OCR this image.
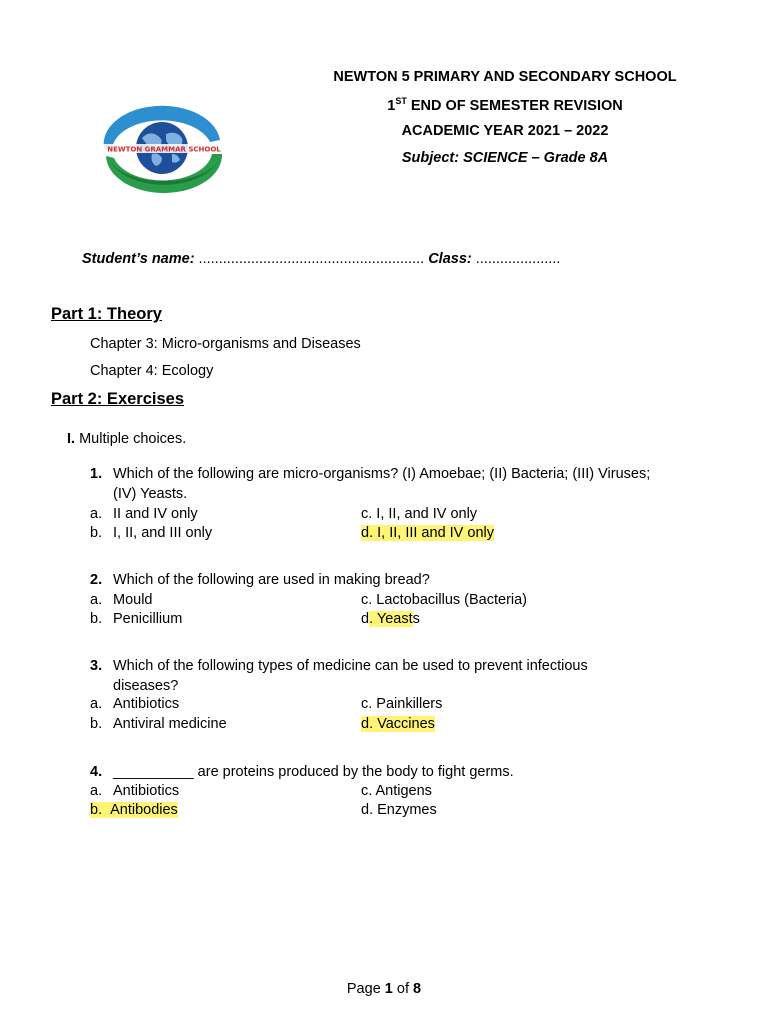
NEWTON GRAMMAR SCHOOL
NEWTON 5 PRIMARY AND SECONDARY SCHOOL
1ST END OF SEMESTER REVISION
ACADEMIC YEAR 2021 – 2022
Subject: SCIENCE – Grade 8A
Student’s name: ........................................................ Class: .....................
Part 1: Theory
Chapter 3: Micro-organisms and Diseases
Chapter 4: Ecology
Part 2: Exercises
I. Multiple choices.
1. Which of the following are micro-organisms? (I) Amoebae; (II) Bacteria; (III) Viruses;
(IV) Yeasts.
a. II and IV only	c. I, II, and IV only
b. I, II, and III only	d. I, II, III and IV only
2. Which of the following are used in making bread?
a. Mould	c. Lactobacillus (Bacteria)
b. Penicillium	d. Yeasts
3. Which of the following types of medicine can be used to prevent infectious
diseases?
a. Antibiotics	c. Painkillers
b. Antiviral medicine	d. Vaccines
4. __________ are proteins produced by the body to fight germs.
a. Antibiotics	c. Antigens
b. Antibodies	d. Enzymes
Page 1 of 8
